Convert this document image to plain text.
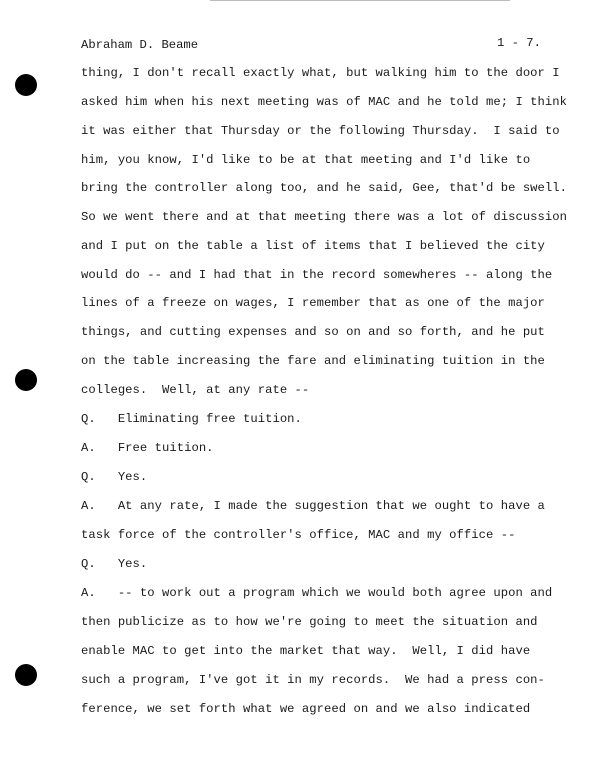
Abraham D. Beame	1 - 7.
thing, I don't recall exactly what, but walking him to the door I
asked him when his next meeting was of MAC and he told me; I think
it was either that Thursday or the following Thursday.  I said to
him, you know, I'd like to be at that meeting and I'd like to
bring the controller along too, and he said, Gee, that'd be swell.
So we went there and at that meeting there was a lot of discussion
and I put on the table a list of items that I believed the city
would do -- and I had that in the record somewheres -- along the
lines of a freeze on wages, I remember that as one of the major
things, and cutting expenses and so on and so forth, and he put
on the table increasing the fare and eliminating tuition in the
colleges.  Well, at any rate --
Q.   Eliminating free tuition.
A.   Free tuition.
Q.   Yes.
A.   At any rate, I made the suggestion that we ought to have a
task force of the controller's office, MAC and my office --
Q.   Yes.
A.   -- to work out a program which we would both agree upon and
then publicize as to how we're going to meet the situation and
enable MAC to get into the market that way.  Well, I did have
such a program, I've got it in my records.  We had a press con-
ference, we set forth what we agreed on and we also indicated
